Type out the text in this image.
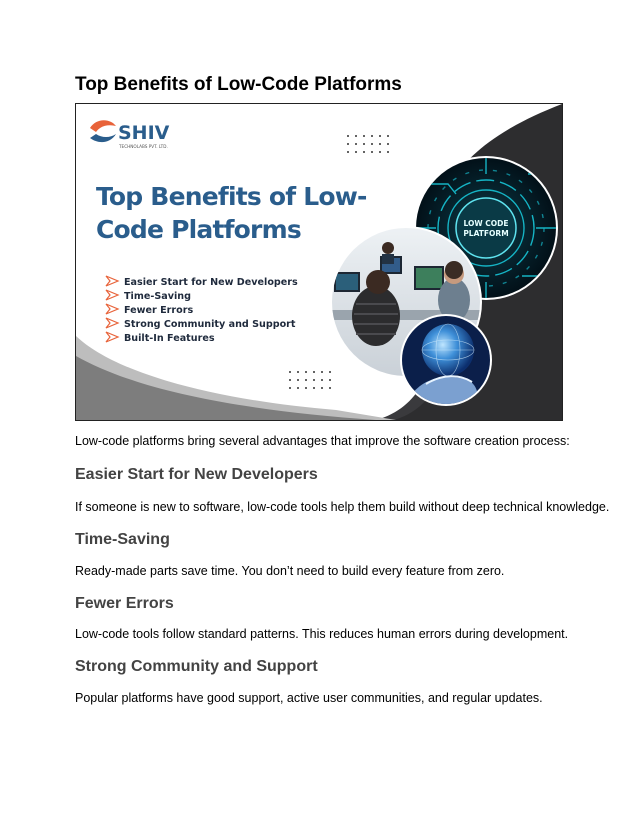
Top Benefits of Low-Code Platforms
SHIV
TECHNOLABS PVT. LTD.
Top Benefits of Low-
Code Platforms
Easier Start for New Developers
Time-Saving
Fewer Errors
Strong Community and Support
Built-In Features
LOW CODE
PLATFORM

Low-code platforms bring several advantages that improve the software creation process:

Easier Start for New Developers

If someone is new to software, low-code tools help them build without deep technical knowledge.

Time-Saving

Ready-made parts save time. You don’t need to build every feature from zero.

Fewer Errors

Low-code tools follow standard patterns. This reduces human errors during development.

Strong Community and Support

Popular platforms have good support, active user communities, and regular updates.
